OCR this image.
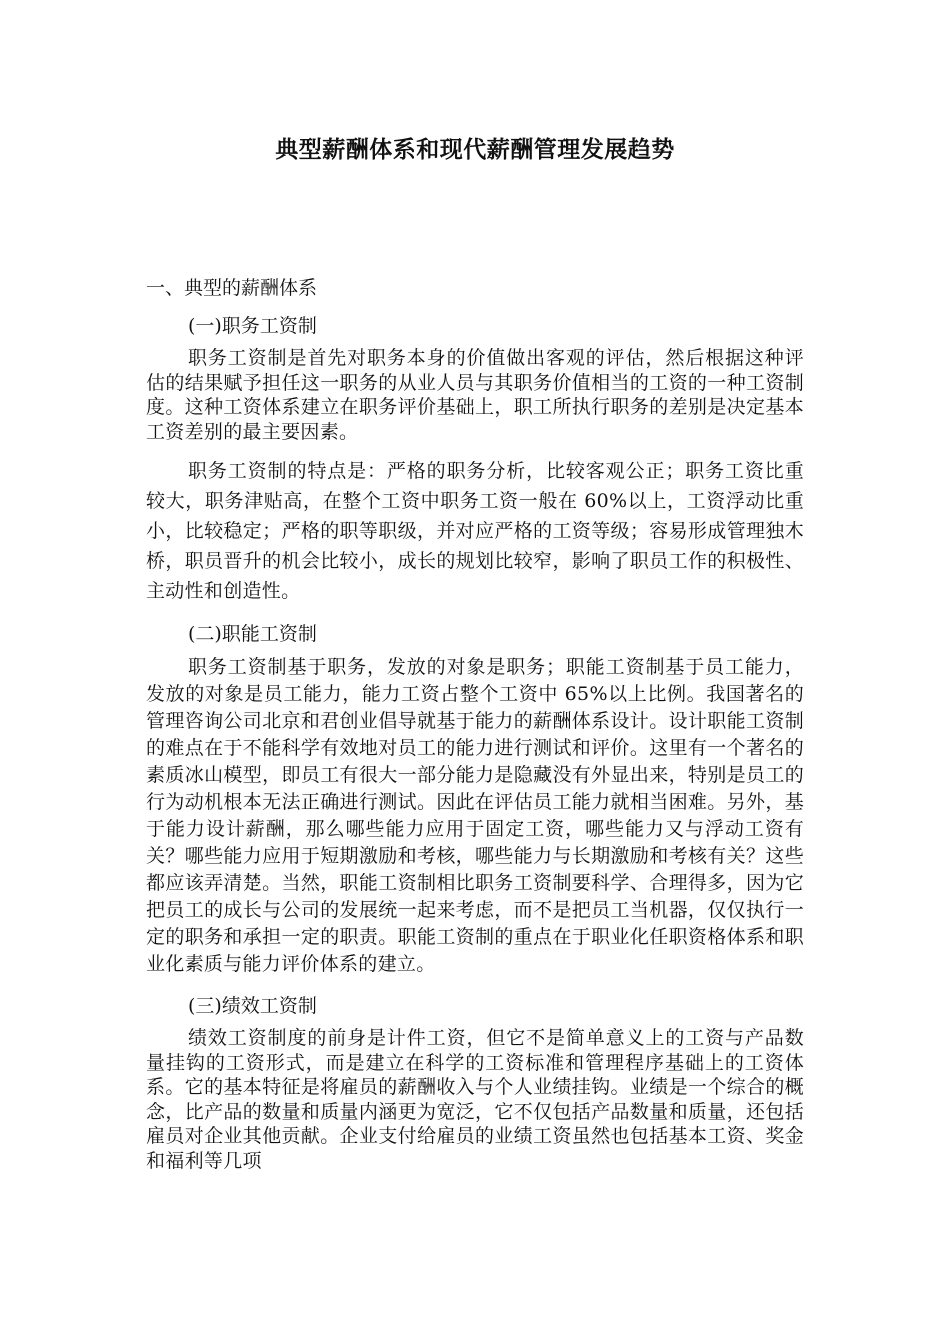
典型薪酬体系和现代薪酬管理发展趋势
一、典型的薪酬体系
(一)职务工资制

职务工资制是首先对职务本身的价值做出客观的评估，然后根据这种评估的结果赋予担任这一职务的从业人员与其职务价值相当的工资的一种工资制度。这种工资体系建立在职务评价基础上，职工所执行职务的差别是决定基本工资差别的最主要因素。

职务工资制的特点是：严格的职务分析，比较客观公正；职务工资比重较大，职务津贴高，在整个工资中职务工资一般在 60%以上，工资浮动比重小，比较稳定；严格的职等职级，并对应严格的工资等级；容易形成管理独木桥，职员晋升的机会比较小，成长的规划比较窄，影响了职员工作的积极性、主动性和创造性。

(二)职能工资制

职务工资制基于职务，发放的对象是职务；职能工资制基于员工能力，发放的对象是员工能力，能力工资占整个工资中 65%以上比例。我国著名的管理咨询公司北京和君创业倡导就基于能力的薪酬体系设计。设计职能工资制的难点在于不能科学有效地对员工的能力进行测试和评价。这里有一个著名的素质冰山模型，即员工有很大一部分能力是隐藏没有外显出来，特别是员工的行为动机根本无法正确进行测试。因此在评估员工能力就相当困难。另外，基于能力设计薪酬，那么哪些能力应用于固定工资，哪些能力又与浮动工资有关？哪些能力应用于短期激励和考核，哪些能力与长期激励和考核有关？这些都应该弄清楚。当然，职能工资制相比职务工资制要科学、合理得多，因为它把员工的成长与公司的发展统一起来考虑，而不是把员工当机器，仅仅执行一定的职务和承担一定的职责。职能工资制的重点在于职业化任职资格体系和职业化素质与能力评价体系的建立。

(三)绩效工资制

绩效工资制度的前身是计件工资，但它不是简单意义上的工资与产品数量挂钩的工资形式，而是建立在科学的工资标准和管理程序基础上的工资体系。它的基本特征是将雇员的薪酬收入与个人业绩挂钩。业绩是一个综合的概念，比产品的数量和质量内涵更为宽泛，它不仅包括产品数量和质量，还包括雇员对企业其他贡献。企业支付给雇员的业绩工资虽然也包括基本工资、奖金和福利等几项
